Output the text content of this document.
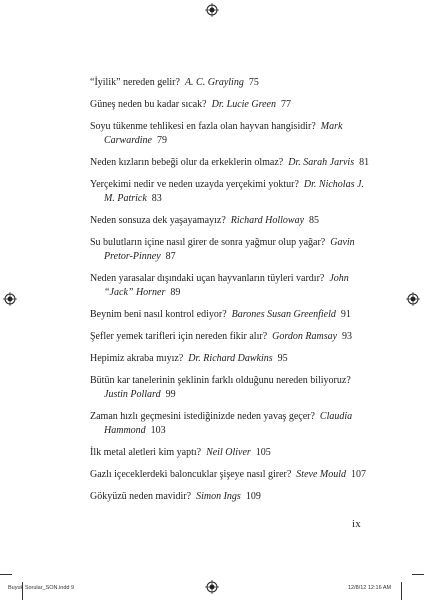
“İyilik” nereden gelir?  A. C. Grayling  75
Güneş neden bu kadar sıcak?  Dr. Lucie Green  77
Soyu tükenme tehlikesi en fazla olan hayvan hangisidir?  Mark Carwardine  79
Neden kızların bebeği olur da erkeklerin olmaz?  Dr. Sarah Jarvis  81
Yerçekimi nedir ve neden uzayda yerçekimi yoktur?  Dr. Nicholas J. M. Patrick  83
Neden sonsuza dek yaşayamayız?  Richard Holloway  85
Su bulutların içine nasıl girer de sonra yağmur olup yağar?  Gavin Pretor-Pinney  87
Neden yarasalar dışındaki uçan hayvanların tüyleri vardır?  John “Jack” Horner  89
Beynim beni nasıl kontrol ediyor?  Barones Susan Greenfield  91
Şefler yemek tarifleri için nereden fikir alır?  Gordon Ramsay  93
Hepimiz akraba mıyız?  Dr. Richard Dawkins  95
Bütün kar tanelerinin şeklinin farklı olduğunu nereden biliyoruz? Justin Pollard  99
Zaman hızlı geçmesini istediğinizde neden yavaş geçer?  Claudia Hammond  103
İlk metal aletleri kim yaptı?  Neil Oliver  105
Gazlı içeceklerdeki baloncuklar şişeye nasıl girer?  Steve Mould  107
Gökyüzü neden mavidir?  Simon Ings  109
ix
Buyuk Sorular_SON.indd 9	12/8/12 12:16 AM
